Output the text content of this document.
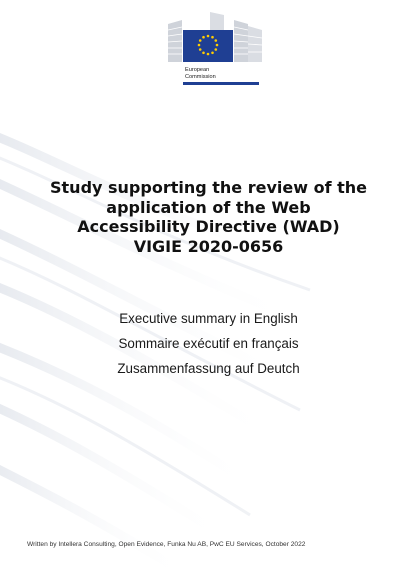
European
Commission

Study supporting the review of the
application of the Web
Accessibility Directive (WAD)
VIGIE 2020-0656
Executive summary in English
Sommaire exécutif en français
Zusammenfassung auf Deutch

Written by Intellera Consulting, Open Evidence, Funka Nu AB, PwC EU Services, October 2022
